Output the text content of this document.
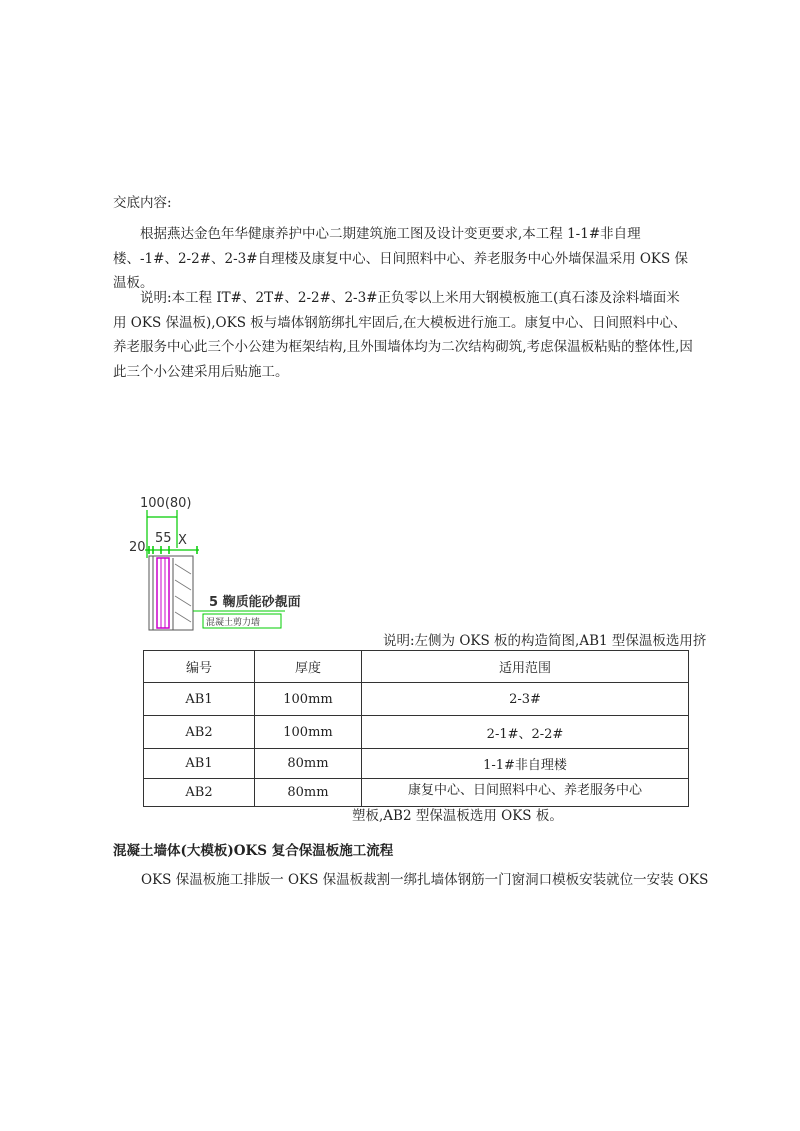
交底内容:
根据燕达金色年华健康养护中心二期建筑施工图及设计变更要求,本工程 1-1#非自理楼、-1#、2-2#、2-3#自理楼及康复中心、日间照料中心、养老服务中心外墙保温采用 OKS 保温板。
说明:本工程 IT#、2T#、2-2#、2-3#正负零以上米用大钢模板施工(真石漆及涂料墙面米用 OKS 保温板),OKS 板与墙体钢筋绑扎牢固后,在大模板进行施工。康复中心、日间照料中心、养老服务中心此三个小公建为框架结构,且外围墙体均为二次结构砌筑,考虑保温板粘贴的整体性,因此三个小公建采用后贴施工。
100(80)
20
55 X
5 鞠质能砂覩面
混凝土剪力墙
说明:左侧为 OKS 板的构造简图,AB1 型保温板选用挤
编号	厚度	适用范围
AB1	100mm	2-3#
AB2	100mm	2-1#、2-2#
AB1	80mm	1-1#非自理楼
AB2	80mm	康复中心、日间照料中心、养老服务中心
塑板,AB2 型保温板选用 OKS 板。
混凝土墙体(大模板)OKS 复合保温板施工流程
OKS 保温板施工排版一 OKS 保温板裁割一绑扎墙体钢筋一门窗洞口模板安装就位一安装 OKS
